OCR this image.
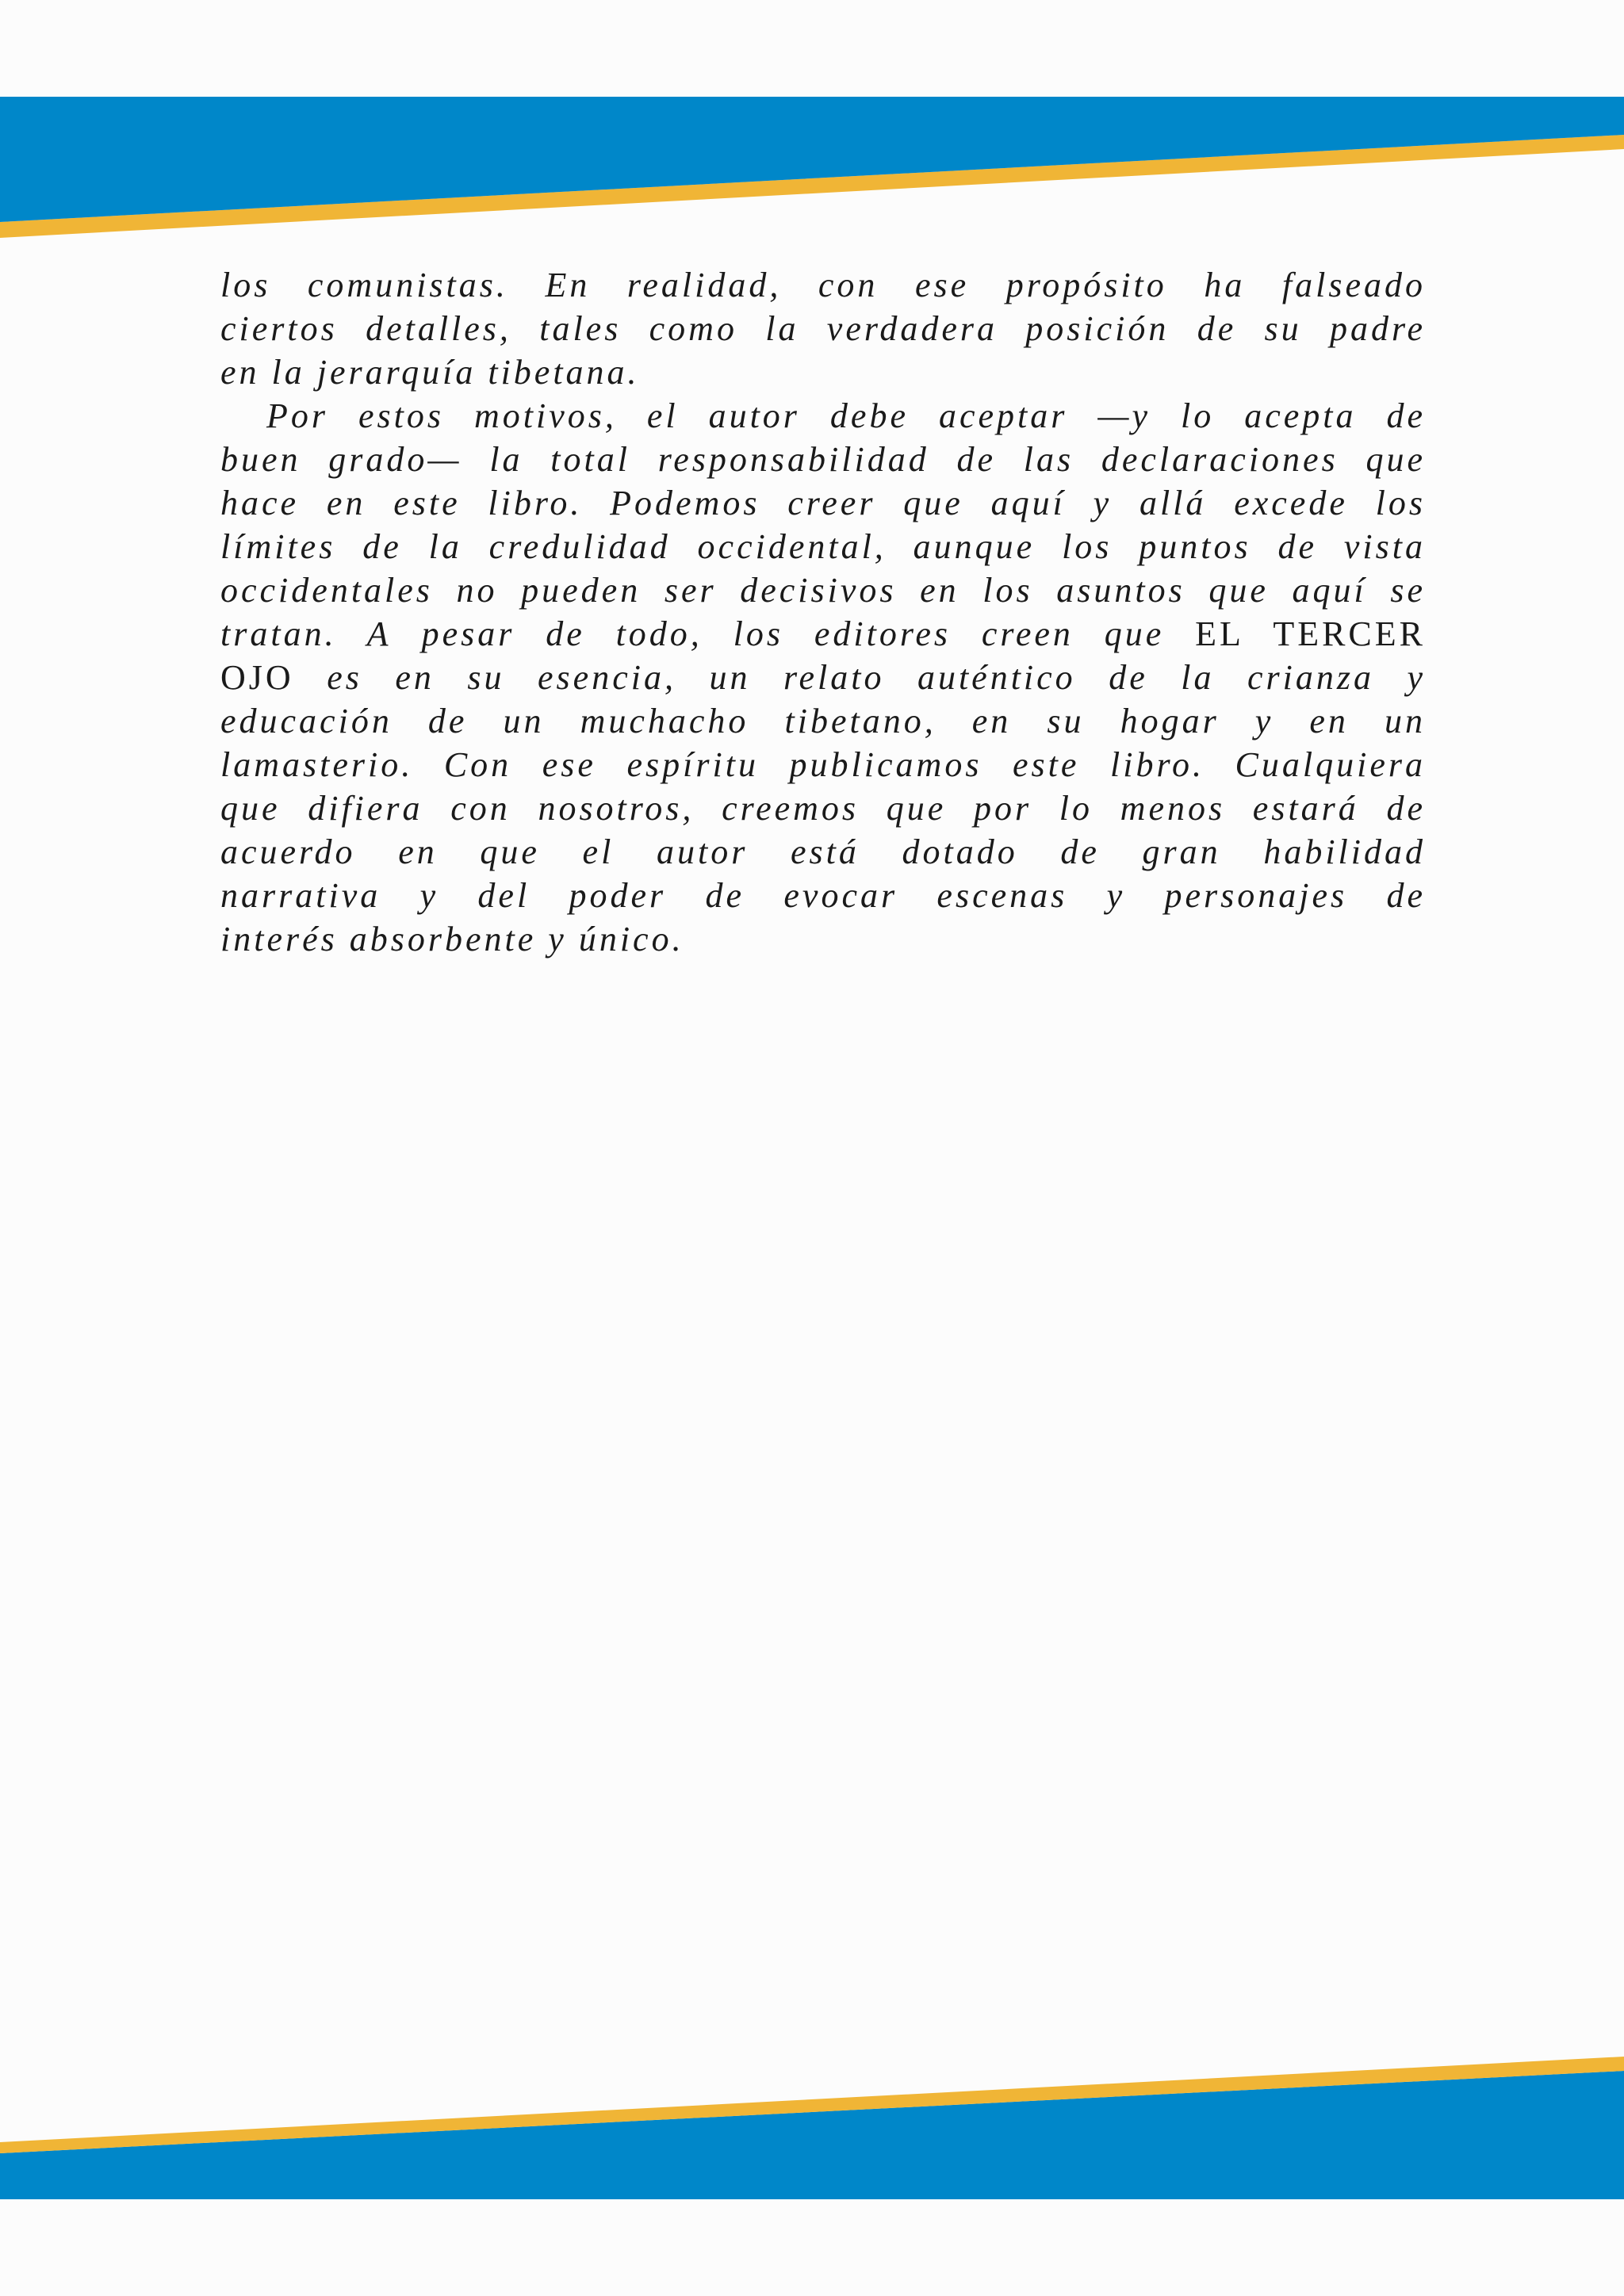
los comunistas. En realidad, con ese propósito ha falseado
ciertos detalles, tales como la verdadera posición de su padre
en la jerarquía tibetana.

Por estos motivos, el autor debe aceptar —y lo acepta de
buen grado— la total responsabilidad de las declaraciones que
hace en este libro. Podemos creer que aquí y allá excede los
límites de la credulidad occidental, aunque los puntos de vista
occidentales no pueden ser decisivos en los asuntos que aquí se
tratan. A pesar de todo, los editores creen que EL TERCER
OJO es en su esencia, un relato auténtico de la crianza y
educación de un muchacho tibetano, en su hogar y en un
lamasterio. Con ese espíritu publicamos este libro. Cualquiera
que difiera con nosotros, creemos que por lo menos estará de
acuerdo en que el autor está dotado de gran habilidad
narrativa y del poder de evocar escenas y personajes de
interés absorbente y único.
